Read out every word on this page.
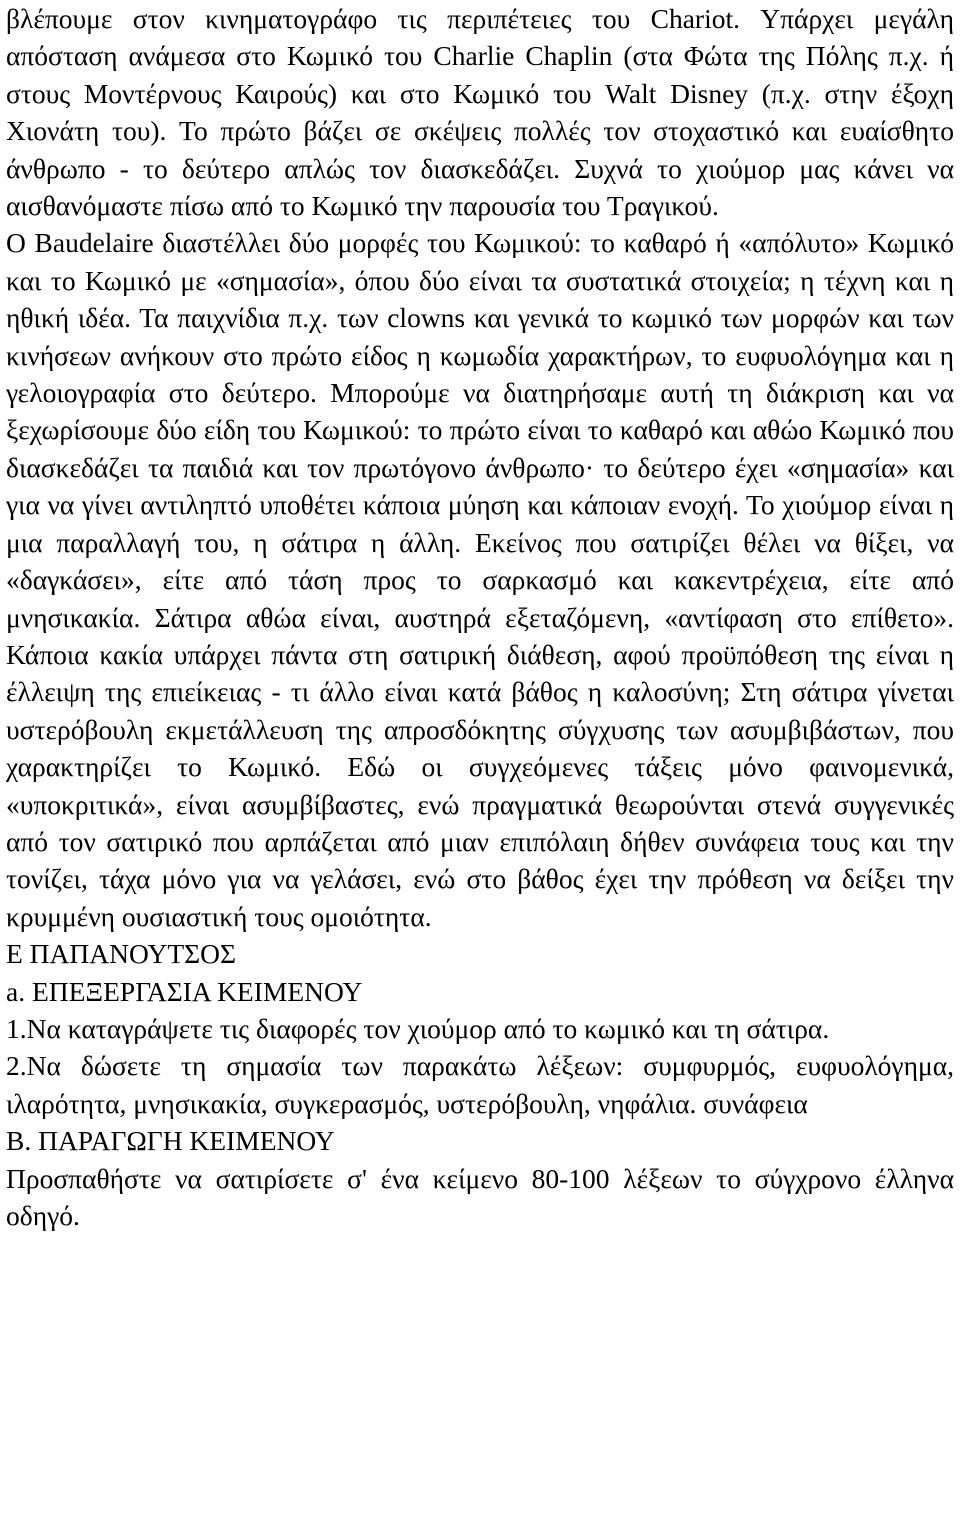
βλέπουμε στον κινηματογράφο τις περιπέτειες του Chariot. Υπάρχει μεγάλη απόσταση ανάμεσα στο Κωμικό του Charlie Chaplin (στα Φώτα της Πόλης π.χ. ή στους Μοντέρνους Καιρούς) και στο Κωμικό του Walt Disney (π.χ. στην έξοχη Χιονάτη του). Το πρώτο βάζει σε σκέψεις πολλές τον στοχαστικό και ευαίσθητο άνθρωπο - το δεύτερο απλώς τον διασκεδάζει. Συχνά το χιούμορ μας κάνει να αισθανόμαστε πίσω από το Κωμικό την παρουσία του Τραγικού.

Ο Baudelaire διαστέλλει δύο μορφές του Κωμικού: το καθαρό ή «απόλυτο» Κωμικό και το Κωμικό με «σημασία», όπου δύο είναι τα συστατικά στοιχεία; η τέχνη και η ηθική ιδέα. Τα παιχνίδια π.χ. των clowns και γενικά το κωμικό των μορφών και των κινήσεων ανήκουν στο πρώτο είδος η κωμωδία χαρακτήρων, το ευφυολόγημα και η γελοιογραφία στο δεύτερο. Μπορούμε να διατηρήσαμε αυτή τη διάκριση και να ξεχωρίσουμε δύο είδη του Κωμικού: το πρώτο είναι το καθαρό και αθώο Κωμικό που διασκεδάζει τα παιδιά και τον πρωτόγονο άνθρωπο· το δεύτερο έχει «σημασία» και για να γίνει αντιληπτό υποθέτει κάποια μύηση και κάποιαν ενοχή. Το χιούμορ είναι η μια παραλλαγή του, η σάτιρα η άλλη. Εκείνος που σατιρίζει θέλει να θίξει, να «δαγκάσει», είτε από τάση προς το σαρκασμό και κακεντρέχεια, είτε από μνησικακία. Σάτιρα αθώα είναι, αυστηρά εξεταζόμενη, «αντίφαση στο επίθετο». Κάποια κακία υπάρχει πάντα στη σατιρική διάθεση, αφού προϋπόθεση της είναι η έλλειψη της επιείκειας - τι άλλο είναι κατά βάθος η καλοσύνη; Στη σάτιρα γίνεται υστερόβουλη εκμετάλλευση της απροσδόκητης σύγχυσης των ασυμβιβάστων, που χαρακτηρίζει το Κωμικό. Εδώ οι συγχεόμενες τάξεις μόνο φαινομενικά, «υποκριτικά», είναι ασυμβίβαστες, ενώ πραγματικά θεωρούνται στενά συγγενικές από τον σατιρικό που αρπάζεται από μιαν επιπόλαιη δήθεν συνάφεια τους και την τονίζει, τάχα μόνο για να γελάσει, ενώ στο βάθος έχει την πρόθεση να δείξει την κρυμμένη ουσιαστική τους ομοιότητα.

Ε ΠΑΠΑΝΟΥΤΣΟΣ

a. ΕΠΕΞΕΡΓΑΣΙΑ ΚΕΙΜΕΝΟΥ

1.Να καταγράψετε τις διαφορές τον χιούμορ από το κωμικό και τη σάτιρα.

2.Να δώσετε τη σημασία των παρακάτω λέξεων: συμφυρμός, ευφυολόγημα, ιλαρότητα, μνησικακία, συγκερασμός, υστερόβουλη, νηφάλια. συνάφεια

B. ΠΑΡΑΓΩΓΗ ΚΕΙΜΕΝΟΥ

Προσπαθήστε να σατιρίσετε σ' ένα κείμενο 80-100 λέξεων το σύγχρονο έλληνα οδηγό.
